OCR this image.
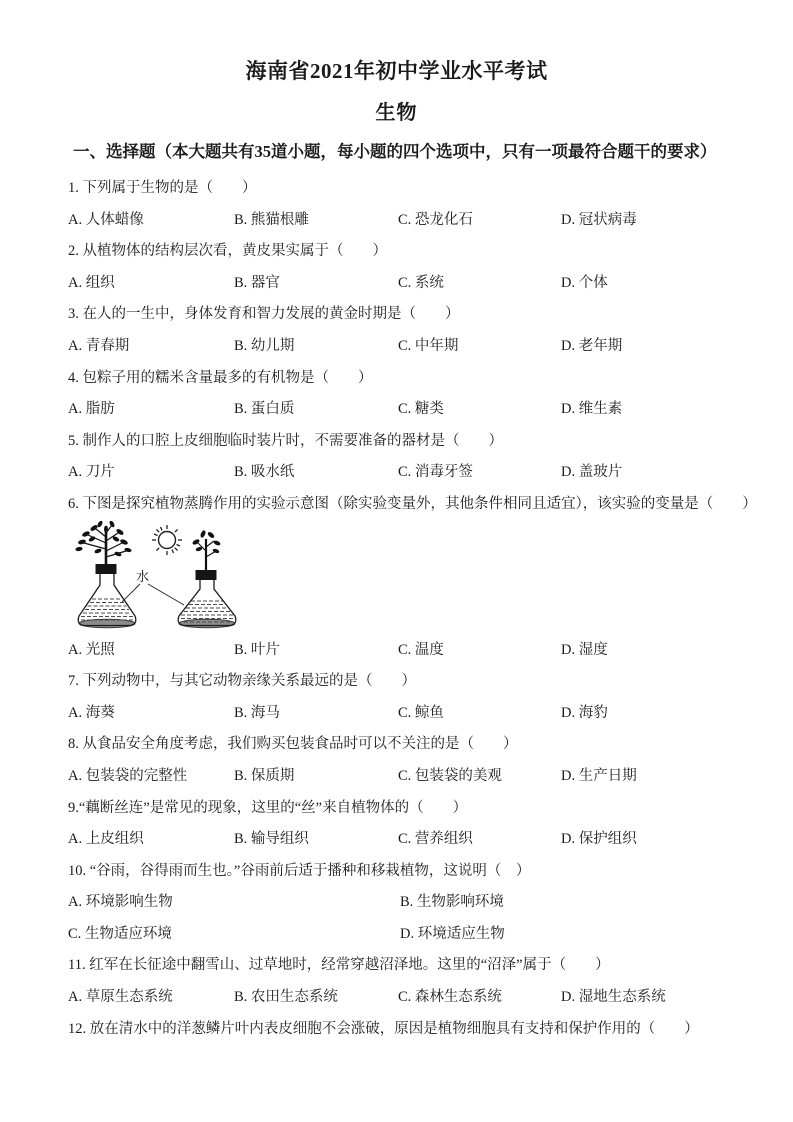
海南省2021年初中学业水平考试
生物
一、选择题（本大题共有35道小题，每小题的四个选项中，只有一项最符合题干的要求）
1. 下列属于生物的是（　　）
A. 人体蜡像	B. 熊猫根雕	C. 恐龙化石	D. 冠状病毒
2. 从植物体的结构层次看，黄皮果实属于（　　）
A. 组织	B. 器官	C. 系统	D. 个体
3. 在人的一生中，身体发育和智力发展的黄金时期是（　　）
A. 青春期	B. 幼儿期	C. 中年期	D. 老年期
4. 包粽子用的糯米含量最多的有机物是（　　）
A. 脂肪	B. 蛋白质	C. 糖类	D. 维生素
5. 制作人的口腔上皮细胞临时装片时，不需要准备的器材是（　　）
A. 刀片	B. 吸水纸	C. 消毒牙签	D. 盖玻片
6. 下图是探究植物蒸腾作用的实验示意图（除实验变量外，其他条件相同且适宜），该实验的变量是（　　）
水
A. 光照	B. 叶片	C. 温度	D. 湿度
7. 下列动物中，与其它动物亲缘关系最远的是（　　）
A. 海葵	B. 海马	C. 鲸鱼	D. 海豹
8. 从食品安全角度考虑，我们购买包装食品时可以不关注的是（　　）
A. 包装袋的完整性	B. 保质期	C. 包装袋的美观	D. 生产日期
9.“藕断丝连”是常见的现象，这里的“丝”来自植物体的（　　）
A. 上皮组织	B. 输导组织	C. 营养组织	D. 保护组织
10. “谷雨，谷得雨而生也。”谷雨前后适于播种和移栽植物，这说明（　）
A. 环境影响生物	B. 生物影响环境
C. 生物适应环境	D. 环境适应生物
11. 红军在长征途中翻雪山、过草地时，经常穿越沼泽地。这里的“沼泽”属于（　　）
A. 草原生态系统	B. 农田生态系统	C. 森林生态系统	D. 湿地生态系统
12. 放在清水中的洋葱鳞片叶内表皮细胞不会涨破，原因是植物细胞具有支持和保护作用的（　　）
